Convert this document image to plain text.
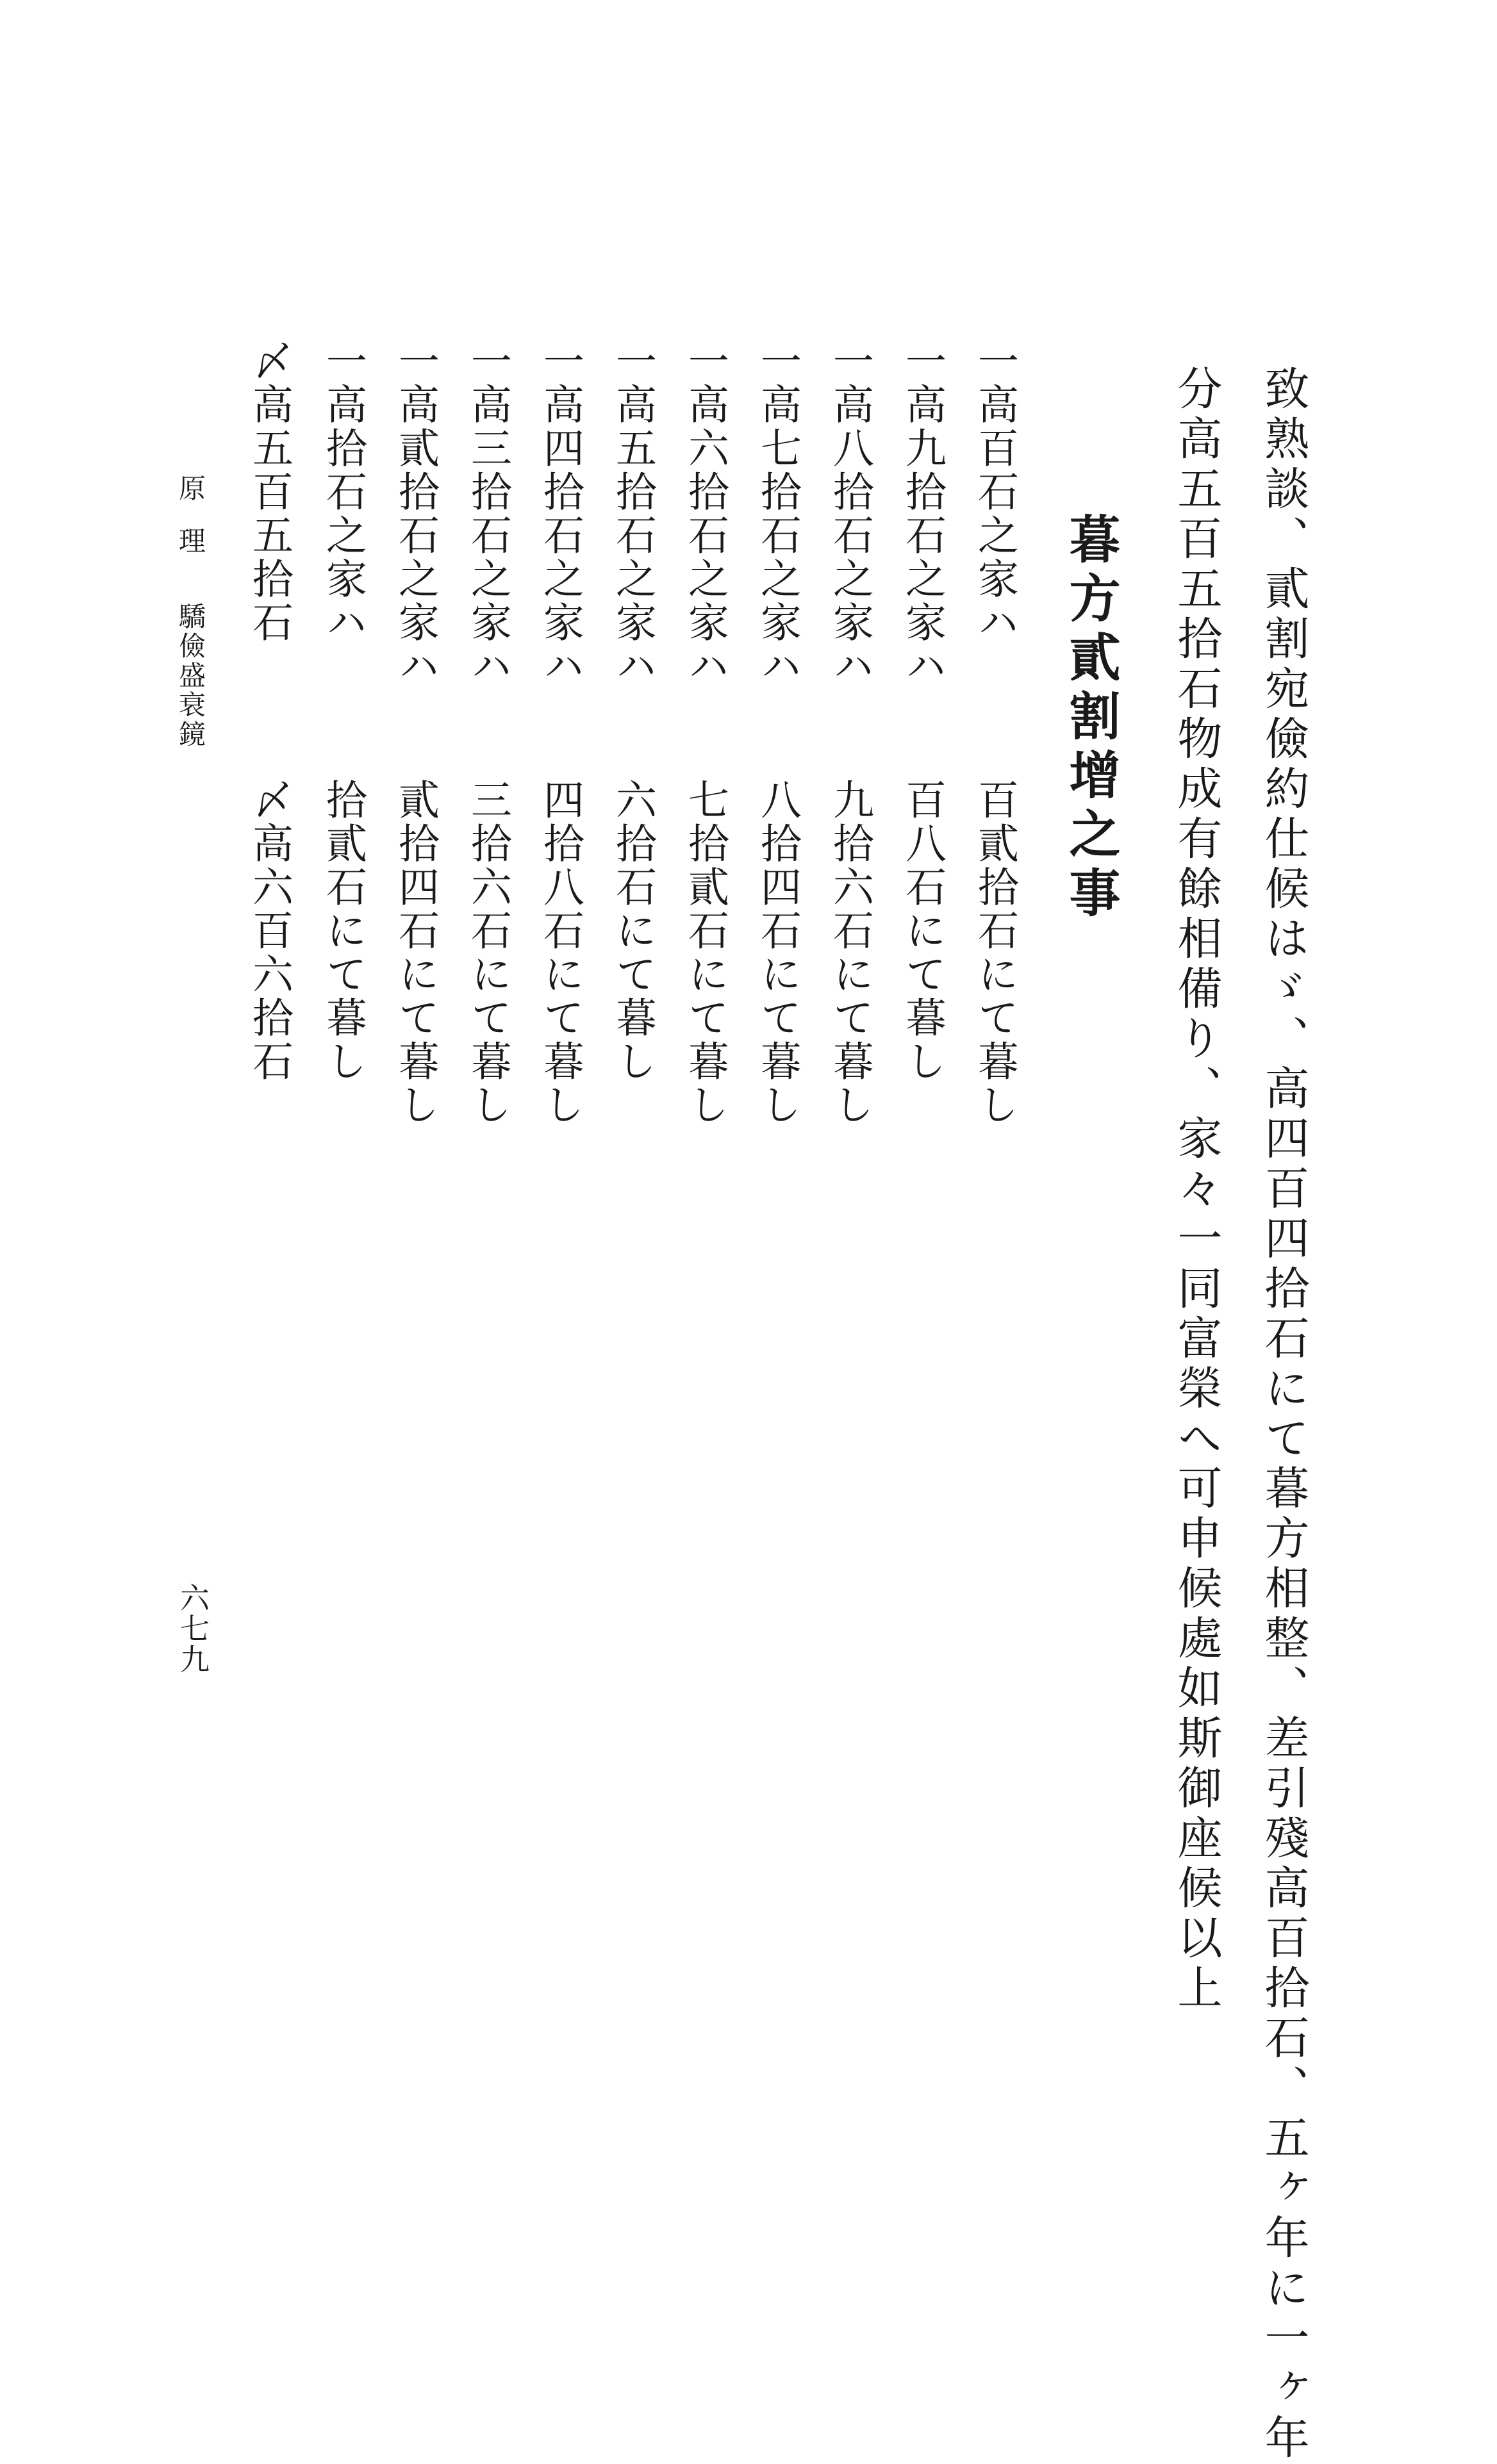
致熟談、貳割宛儉約仕候はゞ、高四百四拾石にて暮方相整、差引殘高百拾石、五ヶ年に一ヶ年
分高五百五拾石物成有餘相備り、家々一同富榮へ可申候處如斯御座候以上
暮方貳割增之事
一高百石之家ハ
百貳拾石にて暮し
一高九拾石之家ハ
百八石にて暮し
一高八拾石之家ハ
九拾六石にて暮し
一高七拾石之家ハ
八拾四石にて暮し
一高六拾石之家ハ
七拾貳石にて暮し
一高五拾石之家ハ
六拾石にて暮し
一高四拾石之家ハ
四拾八石にて暮し
一高三拾石之家ハ
三拾六石にて暮し
一高貳拾石之家ハ
貳拾四石にて暮し
一高拾石之家ハ
拾貳石にて暮し
〆高五百五拾石
〆高六百六拾石
原理
驕儉盛衰鏡
六七九
